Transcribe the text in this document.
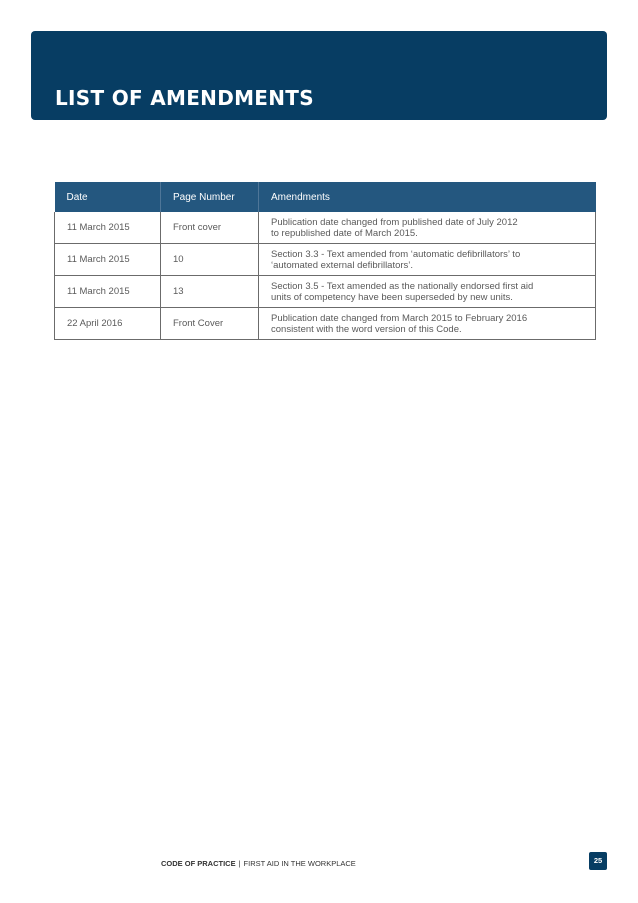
LIST OF AMENDMENTS
Date	Page Number	Amendments
11 March 2015	Front cover	Publication date changed from published date of July 2012
to republished date of March 2015.
11 March 2015	10	Section 3.3 - Text amended from ‘automatic defibrillators’ to
‘automated external defibrillators’.
11 March 2015	13	Section 3.5 - Text amended as the nationally endorsed first aid
units of competency have been superseded by new units.
22 April 2016	Front Cover	Publication date changed from March 2015 to February 2016
consistent with the word version of this Code.
CODE OF PRACTICE | FIRST AID IN THE WORKPLACE	25
